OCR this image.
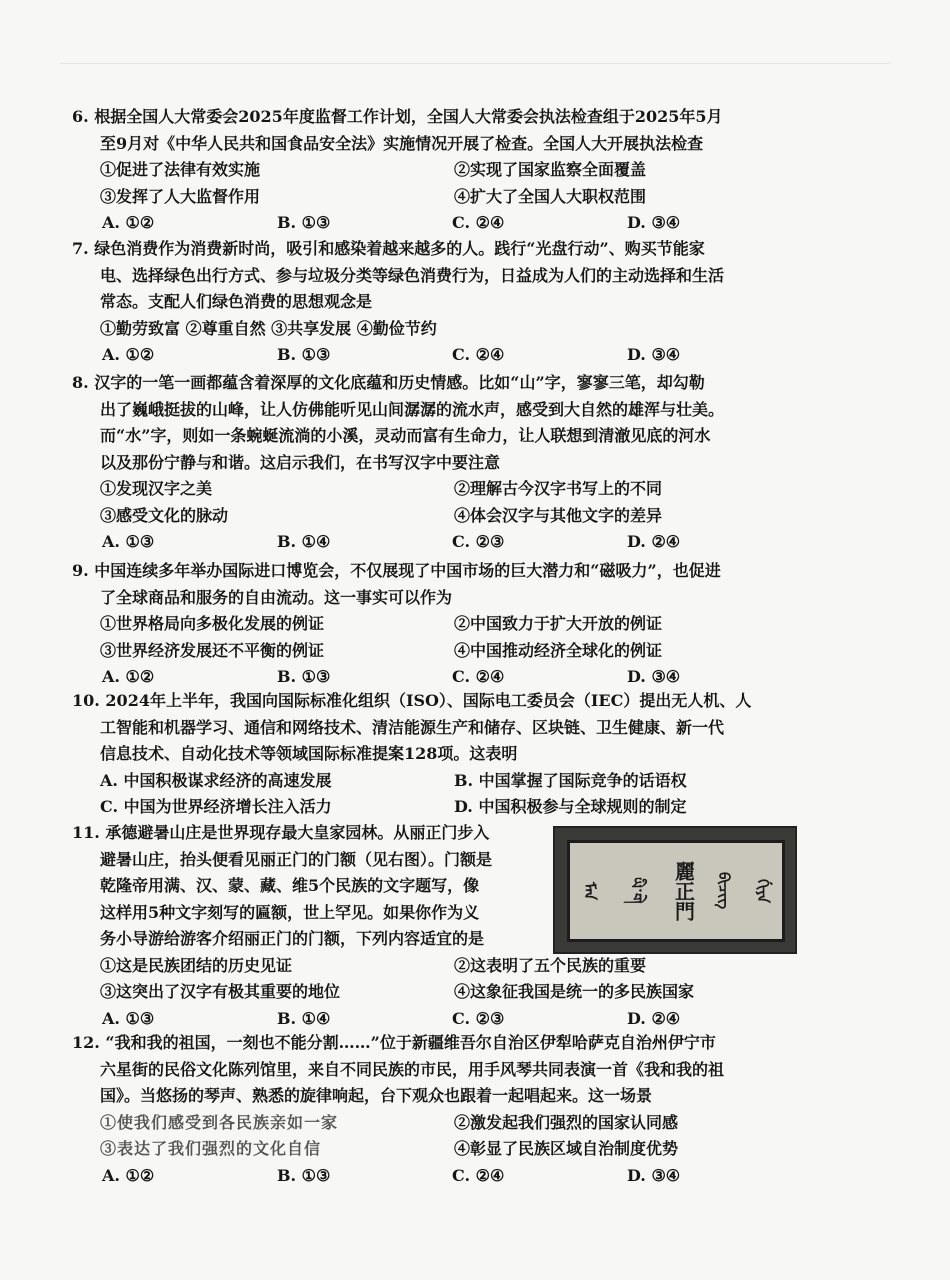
6. 根据全国人大常委会2025年度监督工作计划，全国人大常委会执法检查组于2025年5月

至9月对《中华人民共和国食品安全法》实施情况开展了检查。全国人大开展执法检查

①促进了法律有效实施	②实现了国家监察全面覆盖
③发挥了人大监督作用	④扩大了全国人大职权范围
A. ①②	B. ①③	C. ②④	D. ③④

7. 绿色消费作为消费新时尚，吸引和感染着越来越多的人。践行“光盘行动”、购买节能家

电、选择绿色出行方式、参与垃圾分类等绿色消费行为，日益成为人们的主动选择和生活

常态。支配人们绿色消费的思想观念是

①勤劳致富 ②尊重自然 ③共享发展 ④勤俭节约

A. ①②	B. ①③	C. ②④	D. ③④

8. 汉字的一笔一画都蕴含着深厚的文化底蕴和历史情感。比如“山”字，寥寥三笔，却勾勒

出了巍峨挺拔的山峰，让人仿佛能听见山间潺潺的流水声，感受到大自然的雄浑与壮美。

而“水”字，则如一条蜿蜒流淌的小溪，灵动而富有生命力，让人联想到清澈见底的河水

以及那份宁静与和谐。这启示我们，在书写汉字中要注意

①发现汉字之美	②理解古今汉字书写上的不同
③感受文化的脉动	④体会汉字与其他文字的差异
A. ①③	B. ①④	C. ②③	D. ②④

9. 中国连续多年举办国际进口博览会，不仅展现了中国市场的巨大潜力和“磁吸力”，也促进

了全球商品和服务的自由流动。这一事实可以作为

①世界格局向多极化发展的例证	②中国致力于扩大开放的例证
③世界经济发展还不平衡的例证	④中国推动经济全球化的例证
A. ①②	B. ①③	C. ②④	D. ③④

10. 2024年上半年，我国向国际标准化组织（ISO）、国际电工委员会（IEC）提出无人机、人

工智能和机器学习、通信和网络技术、清洁能源生产和储存、区块链、卫生健康、新一代

信息技术、自动化技术等领域国际标准提案128项。这表明

A. 中国积极谋求经济的高速发展	B. 中国掌握了国际竞争的话语权
C. 中国为世界经济增长注入活力	D. 中国积极参与全球规则的制定

11. 承德避暑山庄是世界现存最大皇家园林。从丽正门步入

避暑山庄，抬头便看见丽正门的门额（见右图）。门额是

乾隆帝用满、汉、蒙、藏、维5个民族的文字题写，像

这样用5种文字刻写的匾额，世上罕见。如果你作为义

务小导游给游客介绍丽正门的门额，下列内容适宜的是

①这是民族团结的历史见证	②这表明了五个民族的重要
③这突出了汉字有极其重要的地位	④这象征我国是统一的多民族国家
A. ①③	B. ①④	C. ②③	D. ②④
ᠮᠡᠨ	ཡི་གེ	麗正門 ᠪᠢᠴᠢᠭ ᡤᡳᠶᠠ

12. “我和我的祖国，一刻也不能分割……”位于新疆维吾尔自治区伊犁哈萨克自治州伊宁市

六星街的民俗文化陈列馆里，来自不同民族的市民，用手风琴共同表演一首《我和我的祖

国》。当悠扬的琴声、熟悉的旋律响起，台下观众也跟着一起唱起来。这一场景

①使我们感受到各民族亲如一家	②激发起我们强烈的国家认同感
③表达了我们强烈的文化自信	④彰显了民族区域自治制度优势
A. ①②	B. ①③	C. ②④	D. ③④
